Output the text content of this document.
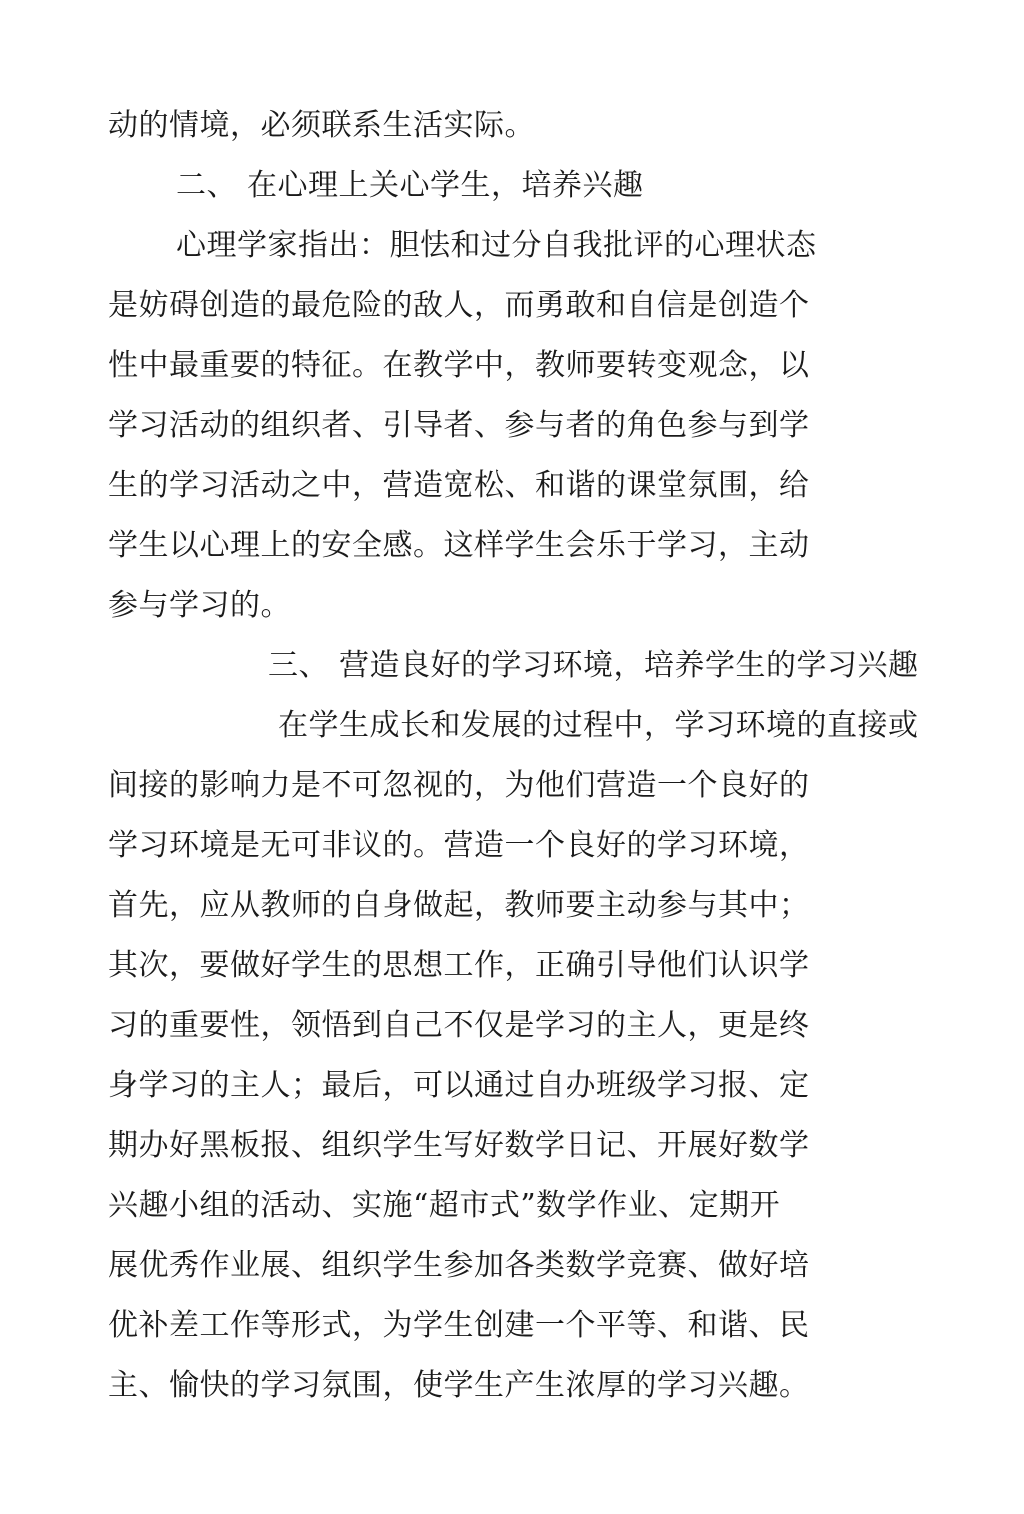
动的情境，必须联系生活实际。
二、 在心理上关心学生，培养兴趣
心理学家指出：胆怯和过分自我批评的心理状态
是妨碍创造的最危险的敌人，而勇敢和自信是创造个
性中最重要的特征。在教学中，教师要转变观念，以
学习活动的组织者、引导者、参与者的角色参与到学
生的学习活动之中，营造宽松、和谐的课堂氛围，给
学生以心理上的安全感。这样学生会乐于学习，主动
参与学习的。
三、 营造良好的学习环境，培养学生的学习兴趣
在学生成长和发展的过程中，学习环境的直接或
间接的影响力是不可忽视的，为他们营造一个良好的
学习环境是无可非议的。营造一个良好的学习环境，
首先，应从教师的自身做起，教师要主动参与其中；
其次，要做好学生的思想工作，正确引导他们认识学
习的重要性，领悟到自己不仅是学习的主人，更是终
身学习的主人；最后，可以通过自办班级学习报、定
期办好黑板报、组织学生写好数学日记、开展好数学
兴趣小组的活动、实施“超市式”数学作业、定期开
展优秀作业展、组织学生参加各类数学竞赛、做好培
优补差工作等形式，为学生创建一个平等、和谐、民
主、愉快的学习氛围，使学生产生浓厚的学习兴趣。
